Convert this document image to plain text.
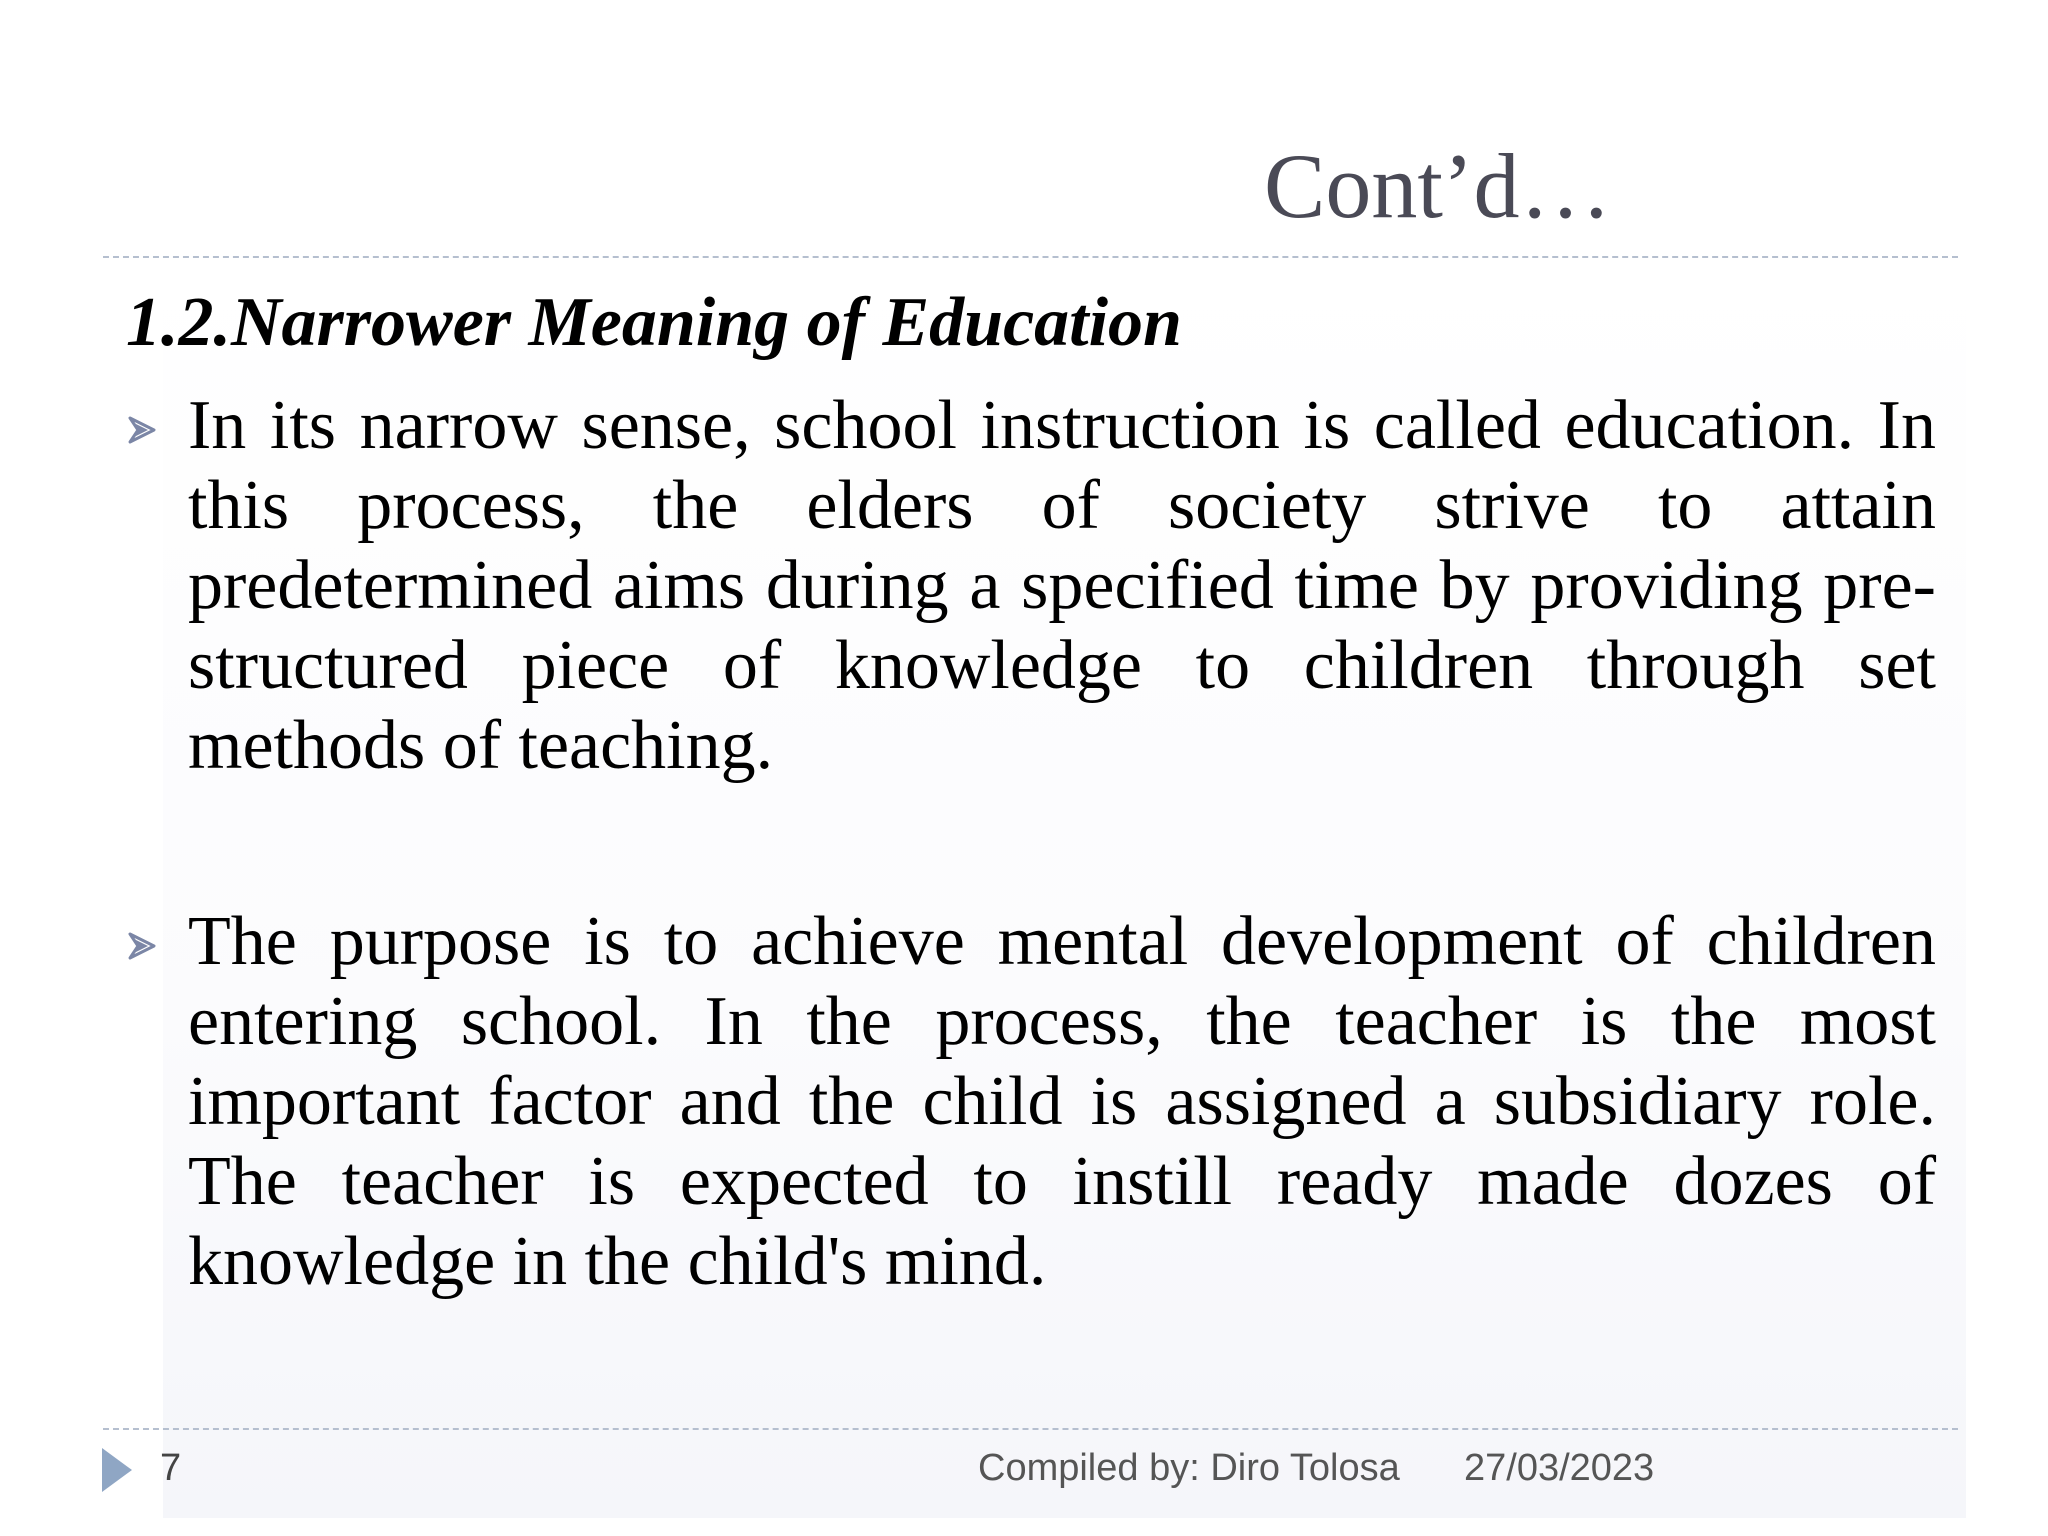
Cont’d…
1.2.Narrower Meaning of Education
In its narrow sense, school instruction is called education. In this process, the elders of society strive to attain predetermined aims during a specified time by providing pre-structured piece of knowledge to children through set methods of teaching.
The purpose is to achieve mental development of children entering school. In the process, the teacher is the most important factor and the child is assigned a subsidiary role. The teacher is expected to instill ready made dozes of knowledge in the child's mind.
7	Compiled by: Diro Tolosa 27/03/2023
